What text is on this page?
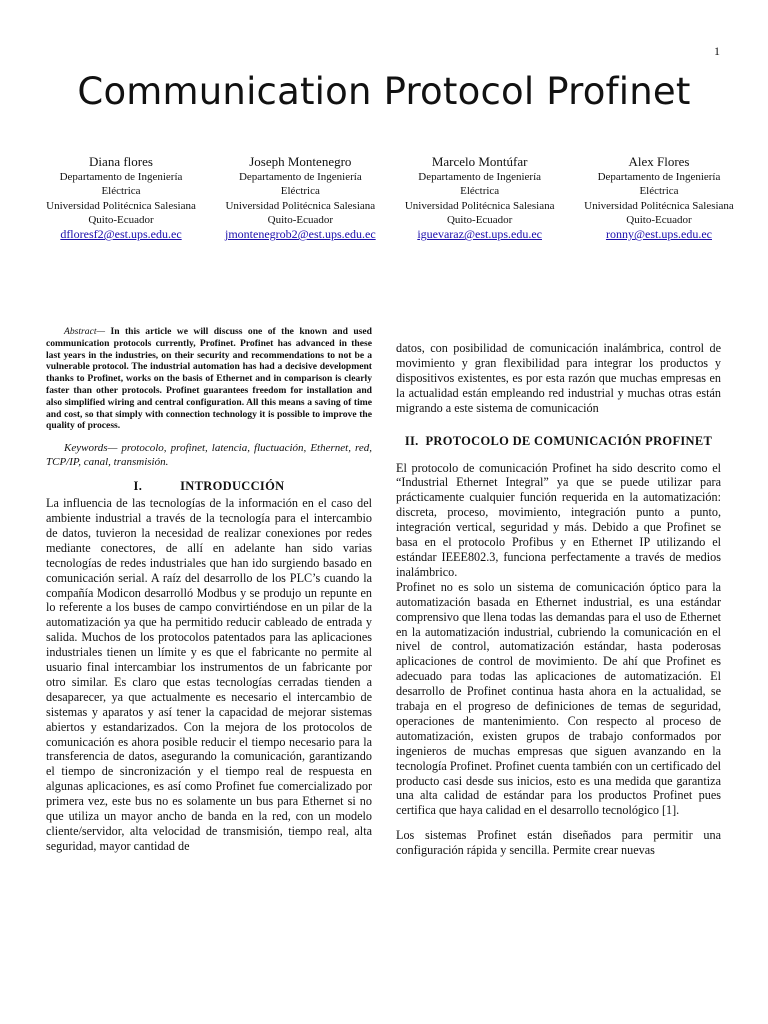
1
Communication Protocol Profinet
Diana flores
Departamento de Ingeniería Eléctrica
Universidad Politécnica Salesiana
Quito-Ecuador
dfloresf2@est.ups.edu.ec
Joseph Montenegro
Departamento de Ingeniería Eléctrica
Universidad Politécnica Salesiana
Quito-Ecuador
jmontenegrob2@est.ups.edu.ec
Marcelo Montúfar
Departamento de Ingeniería Eléctrica
Universidad Politécnica Salesiana
Quito-Ecuador
iguevaraz@est.ups.edu.ec
Alex Flores
Departamento de Ingeniería Eléctrica
Universidad Politécnica Salesiana
Quito-Ecuador
ronny@est.ups.edu.ec

Abstract— In this article we will discuss one of the known and used communication protocols currently, Profinet. Profinet has advanced in these last years in the industries, on their security and recommendations to not be a vulnerable protocol. The industrial automation has had a decisive development thanks to Profinet, works on the basis of Ethernet and in comparison is clearly faster than other protocols. Profinet guarantees freedom for installation and also simplified wiring and central configuration. All this means a saving of time and cost, so that simply with connection technology it is possible to improve the quality of process.

Keywords— protocolo, profinet, latencia, fluctuación, Ethernet, red, TCP/IP, canal, transmisión.

I.	INTRODUCCIÓN

La influencia de las tecnologías de la información en el caso del ambiente industrial a través de la tecnología para el intercambio de datos, tuvieron la necesidad de realizar conexiones por redes mediante conectores, de allí en adelante han sido varias tecnologías de redes industriales que han ido surgiendo basado en comunicación serial. A raíz del desarrollo de los PLC’s cuando la compañía Modicon desarrolló Modbus y se produjo un repunte en lo referente a los buses de campo convirtiéndose en un pilar de la automatización ya que ha permitido reducir cableado de entrada y salida. Muchos de los protocolos patentados para las aplicaciones industriales tienen un límite y es que el fabricante no permite al usuario final intercambiar los instrumentos de un fabricante por otro similar. Es claro que estas tecnologías cerradas tienden a desaparecer, ya que actualmente es necesario el intercambio de sistemas y aparatos y así tener la capacidad de mejorar sistemas abiertos y estandarizados. Con la mejora de los protocolos de comunicación es ahora posible reducir el tiempo necesario para la transferencia de datos, asegurando la comunicación, garantizando el tiempo de sincronización y el tiempo real de respuesta en algunas aplicaciones, es así como Profinet fue comercializado por primera vez, este bus no es solamente un bus para Ethernet si no que utiliza un mayor ancho de banda en la red, con un modelo cliente/servidor, alta velocidad de transmisión, tiempo real, alta seguridad, mayor cantidad de

datos, con posibilidad de comunicación inalámbrica, control de movimiento y gran flexibilidad para integrar los productos y dispositivos existentes, es por esta razón que muchas empresas en la actualidad están empleando red industrial y muchas otras están migrando a este sistema de comunicación

II. PROTOCOLO DE COMUNICACIÓN PROFINET

El protocolo de comunicación Profinet ha sido descrito como el “Industrial Ethernet Integral” ya que se puede utilizar para prácticamente cualquier función requerida en la automatización: discreta, proceso, movimiento, integración punto a punto, integración vertical, seguridad y más. Debido a que Profinet se basa en el protocolo Profibus y en Ethernet IP utilizando el estándar IEEE802.3, funciona perfectamente a través de medios inalámbrico.

Profinet no es solo un sistema de comunicación óptico para la automatización basada en Ethernet industrial, es una estándar comprensivo que llena todas las demandas para el uso de Ethernet en la automatización industrial, cubriendo la comunicación en el nivel de control, automatización estándar, hasta poderosas aplicaciones de control de movimiento. De ahí que Profinet es adecuado para todas las aplicaciones de automatización. El desarrollo de Profinet continua hasta ahora en la actualidad, se trabaja en el progreso de definiciones de temas de seguridad, operaciones de mantenimiento. Con respecto al proceso de automatización, existen grupos de trabajo conformados por ingenieros de muchas empresas que siguen avanzando en la tecnología Profinet. Profinet cuenta también con un certificado del producto casi desde sus inicios, esto es una medida que garantiza una alta calidad de estándar para los productos Profinet pues certifica que haya calidad en el desarrollo tecnológico [1].

Los sistemas Profinet están diseñados para permitir una configuración rápida y sencilla. Permite crear nuevas
